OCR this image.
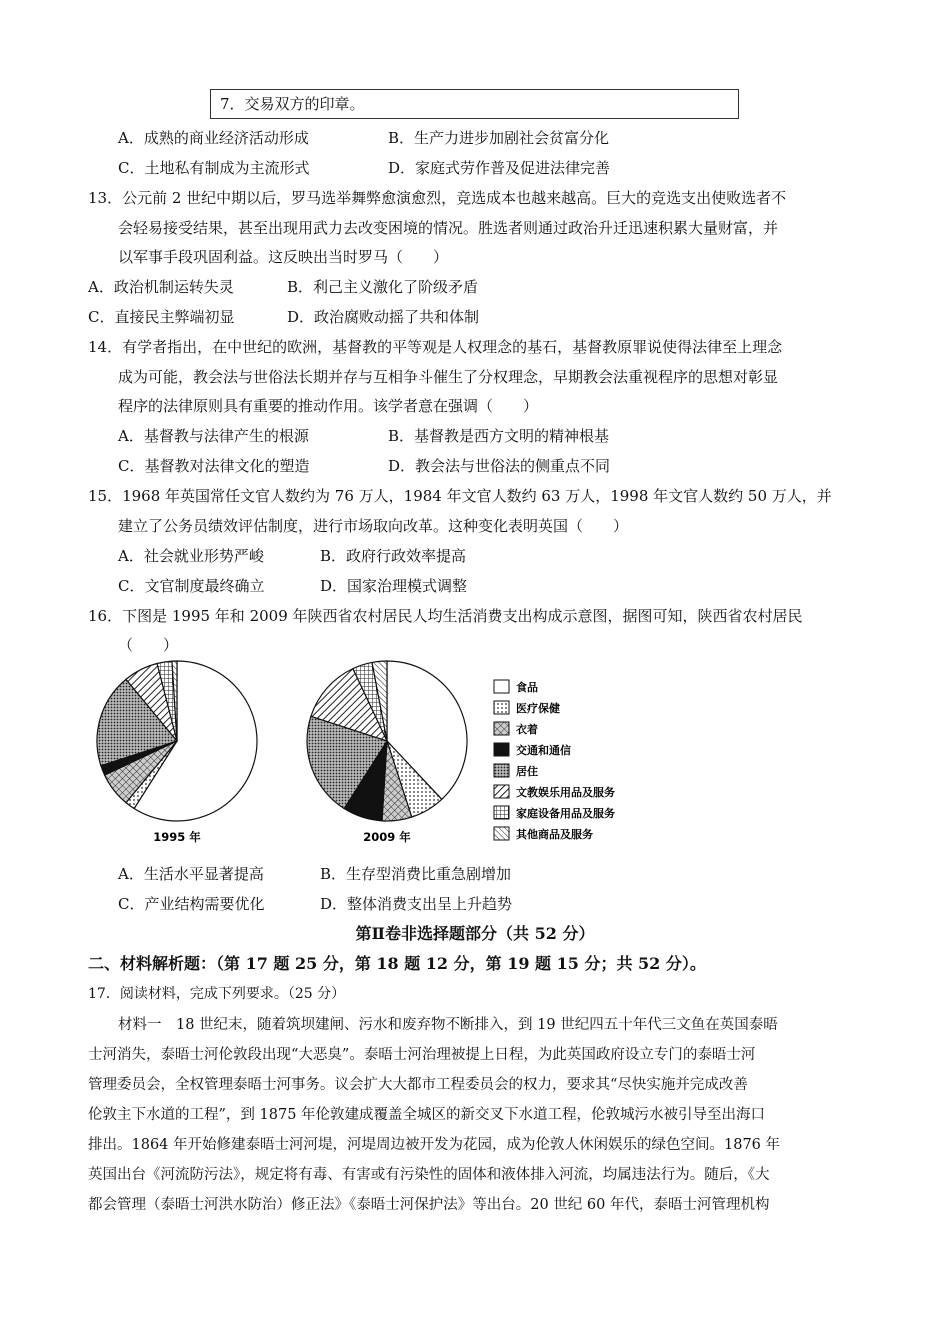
7．交易双方的印章。
A．成熟的商业经济活动形成	B．生产力进步加剧社会贫富分化
C．土地私有制成为主流形式	D．家庭式劳作普及促进法律完善
13．公元前 2 世纪中期以后，罗马选举舞弊愈演愈烈，竞选成本也越来越高。巨大的竞选支出使败选者不
会轻易接受结果，甚至出现用武力去改变困境的情况。胜选者则通过政治升迁迅速积累大量财富，并
以军事手段巩固利益。这反映出当时罗马（　　）
A．政治机制运转失灵	B．利己主义激化了阶级矛盾
C．直接民主弊端初显	D．政治腐败动摇了共和体制
14．有学者指出，在中世纪的欧洲，基督教的平等观是人权理念的基石，基督教原罪说使得法律至上理念
成为可能，教会法与世俗法长期并存与互相争斗催生了分权理念，早期教会法重视程序的思想对彰显
程序的法律原则具有重要的推动作用。该学者意在强调（　　）
A．基督教与法律产生的根源	B．基督教是西方文明的精神根基
C．基督教对法律文化的塑造	D．教会法与世俗法的侧重点不同
15．1968 年英国常任文官人数约为 76 万人，1984 年文官人数约 63 万人，1998 年文官人数约 50 万人，并
建立了公务员绩效评估制度，进行市场取向改革。这种变化表明英国（　　）
A．社会就业形势严峻	B．政府行政效率提高
C．文官制度最终确立	D．国家治理模式调整
16．下图是 1995 年和 2009 年陕西省农村居民人均生活消费支出构成示意图，据图可知，陕西省农村居民
（　　）
1995 年	2009 年
食品
医疗保健
衣着
交通和通信
居住
文教娱乐用品及服务
家庭设备用品及服务
其他商品及服务
A．生活水平显著提高	B．生存型消费比重急剧增加
C．产业结构需要优化	D．整体消费支出呈上升趋势
第Ⅱ卷非选择题部分（共 52 分）
二、材料解析题：（第 17 题 25 分，第 18 题 12 分，第 19 题 15 分；共 52 分）。
17．阅读材料，完成下列要求。（25 分）
材料一　18 世纪末，随着筑坝建闸、污水和废弃物不断排入，到 19 世纪四五十年代三文鱼在英国泰晤
士河消失，泰晤士河伦敦段出现“大恶臭”。泰晤士河治理被提上日程，为此英国政府设立专门的泰晤士河
管理委员会，全权管理泰晤士河事务。议会扩大大都市工程委员会的权力，要求其“尽快实施并完成改善
伦敦主下水道的工程”，到 1875 年伦敦建成覆盖全城区的新交叉下水道工程，伦敦城污水被引导至出海口
排出。1864 年开始修建泰晤士河河堤，河堤周边被开发为花园，成为伦敦人休闲娱乐的绿色空间。1876 年
英国出台《河流防污法》，规定将有毒、有害或有污染性的固体和液体排入河流，均属违法行为。随后，《大
都会管理（泰晤士河洪水防治）修正法》《泰晤士河保护法》等出台。20 世纪 60 年代，泰晤士河管理机构
